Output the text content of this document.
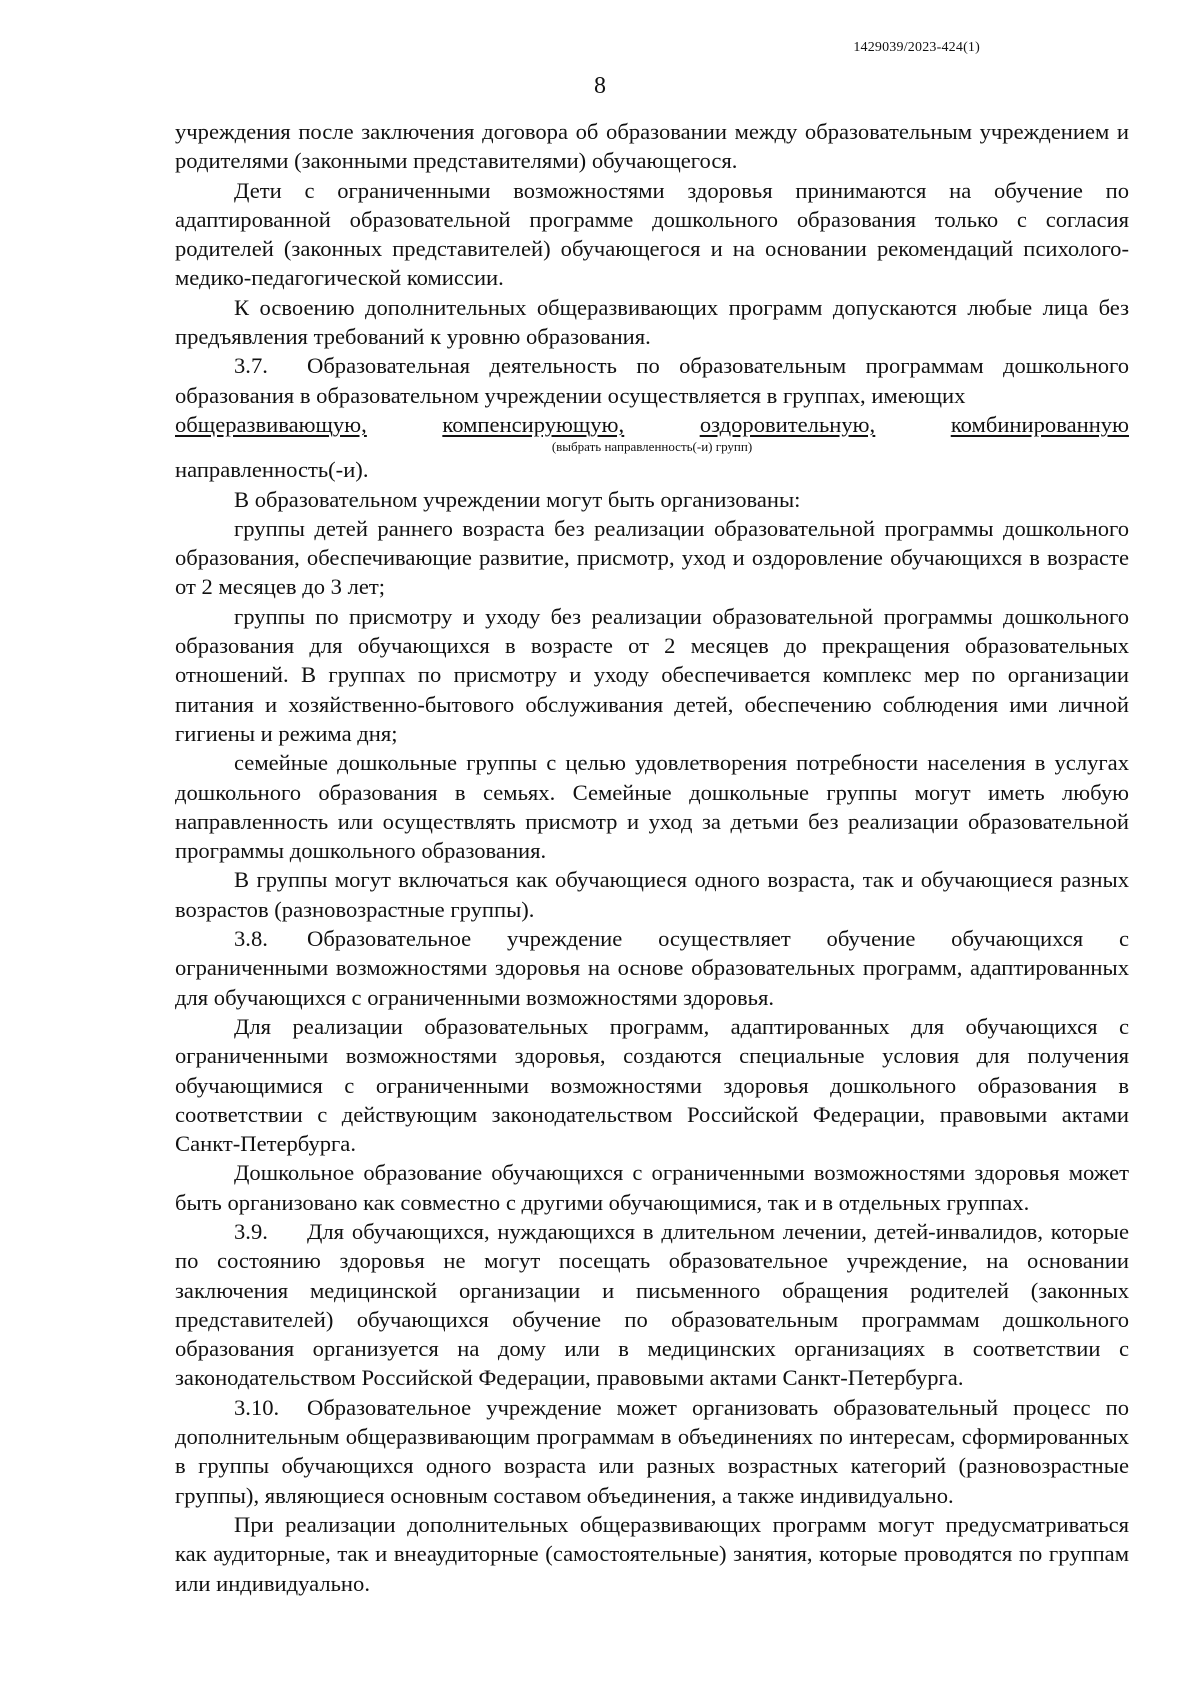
1429039/2023-424(1)
8

учреждения после заключения договора об образовании между образовательным учреждением и родителями (законными представителями) обучающегося.

Дети с ограниченными возможностями здоровья принимаются на обучение по адаптированной образовательной программе дошкольного образования только с согласия родителей (законных представителей) обучающегося и на основании рекомендаций психолого-медико-педагогической комиссии.

К освоению дополнительных общеразвивающих программ допускаются любые лица без предъявления требований к уровню образования.

3.7. Образовательная деятельность по образовательным программам дошкольного образования в образовательном учреждении осуществляется в группах, имеющих

общеразвивающую,	компенсирующую,	оздоровительную,	комбинированную
(выбрать направленность(-и) групп)

направленность(-и).

В образовательном учреждении могут быть организованы:

группы детей раннего возраста без реализации образовательной программы дошкольного образования, обеспечивающие развитие, присмотр, уход и оздоровление обучающихся в возрасте от 2 месяцев до 3 лет;

группы по присмотру и уходу без реализации образовательной программы дошкольного образования для обучающихся в возрасте от 2 месяцев до прекращения образовательных отношений. В группах по присмотру и уходу обеспечивается комплекс мер по организации питания и хозяйственно-бытового обслуживания детей, обеспечению соблюдения ими личной гигиены и режима дня;

семейные дошкольные группы с целью удовлетворения потребности населения в услугах дошкольного образования в семьях. Семейные дошкольные группы могут иметь любую направленность или осуществлять присмотр и уход за детьми без реализации образовательной программы дошкольного образования.

В группы могут включаться как обучающиеся одного возраста, так и обучающиеся разных возрастов (разновозрастные группы).

3.8. Образовательное учреждение осуществляет обучение обучающихся с ограниченными возможностями здоровья на основе образовательных программ, адаптированных для обучающихся с ограниченными возможностями здоровья.

Для реализации образовательных программ, адаптированных для обучающихся с ограниченными возможностями здоровья, создаются специальные условия для получения обучающимися с ограниченными возможностями здоровья дошкольного образования в соответствии с действующим законодательством Российской Федерации, правовыми актами Санкт-Петербурга.

Дошкольное образование обучающихся с ограниченными возможностями здоровья может быть организовано как совместно с другими обучающимися, так и в отдельных группах.

3.9. Для обучающихся, нуждающихся в длительном лечении, детей-инвалидов, которые по состоянию здоровья не могут посещать образовательное учреждение, на основании заключения медицинской организации и письменного обращения родителей (законных представителей) обучающихся обучение по образовательным программам дошкольного образования организуется на дому или в медицинских организациях в соответствии с законодательством Российской Федерации, правовыми актами Санкт-Петербурга.

3.10. Образовательное учреждение может организовать образовательный процесс по дополнительным общеразвивающим программам в объединениях по интересам, сформированных в группы обучающихся одного возраста или разных возрастных категорий (разновозрастные группы), являющиеся основным составом объединения, а также индивидуально.

При реализации дополнительных общеразвивающих программ могут предусматриваться как аудиторные, так и внеаудиторные (самостоятельные) занятия, которые проводятся по группам или индивидуально.
